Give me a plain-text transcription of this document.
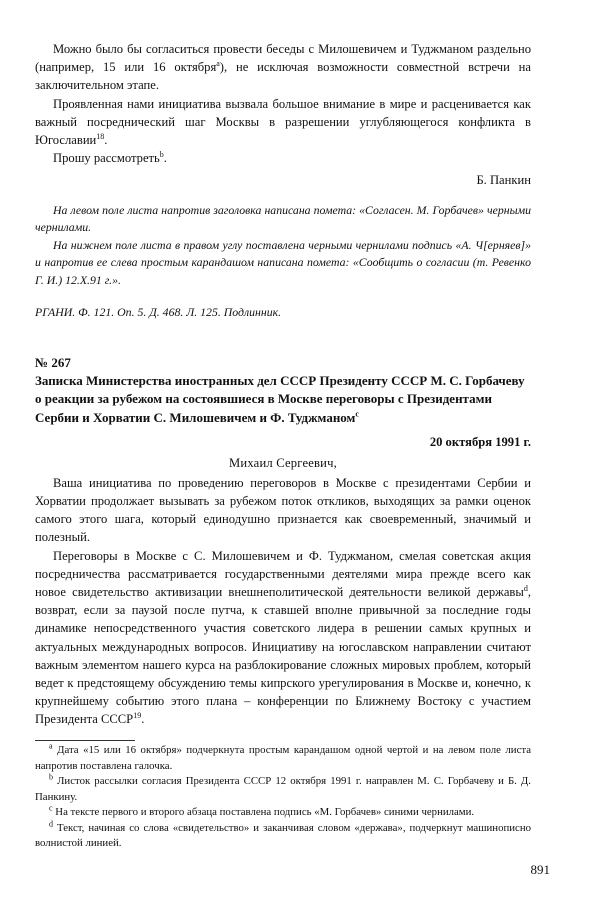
Можно было бы согласиться провести беседы с Милошевичем и Туджманом раздельно (например, 15 или 16 октября$^a$), не исключая возможности совместной встречи на заключительном этапе.

Проявленная нами инициатива вызвала большое внимание в мире и расценивается как важный посреднический шаг Москвы в разрешении углубляющегося конфликта в Югославии$^{18}$.

Прошу рассмотреть$^b$.

Б. Панкин

На левом поле листа напротив заголовка написана помета: «Согласен. М. Горбачев» черными чернилами.

На нижнем поле листа в правом углу поставлена черными чернилами подпись «А. Ч[ерняев]» и напротив ее слева простым карандашом написана помета: «Сообщить о согласии (т. Ревенко Г. И.) 12.X.91 г.».

РГАНИ. Ф. 121. Оп. 5. Д. 468. Л. 125. Подлинник.

№ 267

Записка Министерства иностранных дел СССР Президенту СССР М. С. Горбачеву о реакции за рубежом на состоявшиеся в Москве переговоры с Президентами Сербии и Хорватии С. Милошевичем и Ф. Туджманом$^c$

20 октября 1991 г.

Михаил Сергеевич,

Ваша инициатива по проведению переговоров в Москве с президентами Сербии и Хорватии продолжает вызывать за рубежом поток откликов, выходящих за рамки оценок самого этого шага, который единодушно признается как своевременный, значимый и полезный.

Переговоры в Москве с С. Милошевичем и Ф. Туджманом, смелая советская акция посредничества рассматривается государственными деятелями мира прежде всего как новое свидетельство активизации внешнеполитической деятельности великой державы$^d$, возврат, если за паузой после путча, к ставшей вполне привычной за последние годы динамике непосредственного участия советского лидера в решении самых крупных и актуальных международных вопросов. Инициативу на югославском направлении считают важным элементом нашего курса на разблокирование сложных мировых проблем, который ведет к предстоящему обсуждению темы кипрского урегулирования в Москве и, конечно, к крупнейшему событию этого плана – конференции по Ближнему Востоку с участием Президента СССР$^{19}$.

$^a$ Дата «15 или 16 октября» подчеркнута простым карандашом одной чертой и на левом поле листа напротив поставлена галочка.

$^b$ Листок рассылки согласия Президента СССР 12 октября 1991 г. направлен М. С. Горбачеву и Б. Д. Панкину.

$^c$ На тексте первого и второго абзаца поставлена подпись «М. Горбачев» синими чернилами.

$^d$ Текст, начиная со слова «свидетельство» и заканчивая словом «держава», подчеркнут машинописно волнистой линией.

891
